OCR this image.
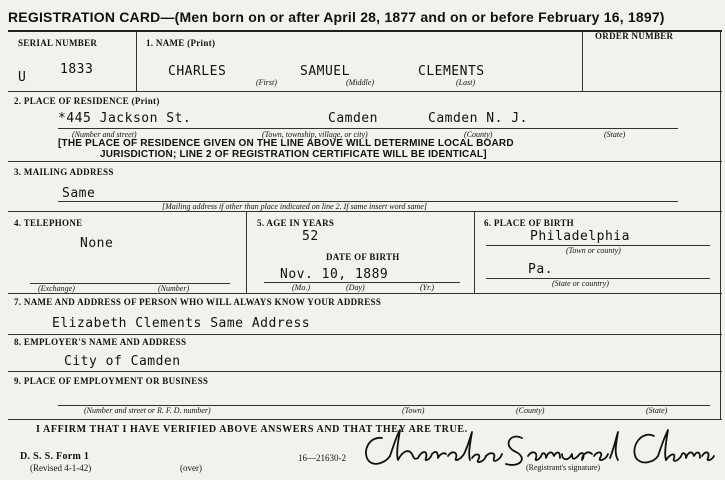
REGISTRATION CARD—(Men born on or after April 28, 1877 and on or before February 16, 1897)
SERIAL NUMBER
U
1833
1. NAME (Print)
CHARLES	SAMUEL	CLEMENTS
(First)	(Middle)	(Last)
ORDER NUMBER
2. PLACE OF RESIDENCE (Print)
*445 Jackson St.	Camden	Camden N. J.
(Number and street)	(Town, township, village, or city)	(County)	(State)
[THE PLACE OF RESIDENCE GIVEN ON THE LINE ABOVE WILL DETERMINE LOCAL BOARD
JURISDICTION; LINE 2 OF REGISTRATION CERTIFICATE WILL BE IDENTICAL]
3. MAILING ADDRESS
Same
[Mailing address if other than place indicated on line 2. If same insert word same]
4. TELEPHONE
None
(Exchange)	(Number)
5. AGE IN YEARS
52
DATE OF BIRTH
Nov. 10, 1889
(Mo.)	(Day)	(Yr.)
6. PLACE OF BIRTH
Philadelphia
(Town or county)
Pa.
(State or country)
7. NAME AND ADDRESS OF PERSON WHO WILL ALWAYS KNOW YOUR ADDRESS
Elizabeth Clements Same Address
8. EMPLOYER'S NAME AND ADDRESS
City of Camden
9. PLACE OF EMPLOYMENT OR BUSINESS
(Number and street or R. F. D. number)	(Town)	(County)	(State)
I AFFIRM THAT I HAVE VERIFIED ABOVE ANSWERS AND THAT THEY ARE TRUE.
D. S. S. Form 1
(Revised 4-1-42)	(over)
16—21630-2
(Registrant's signature)
